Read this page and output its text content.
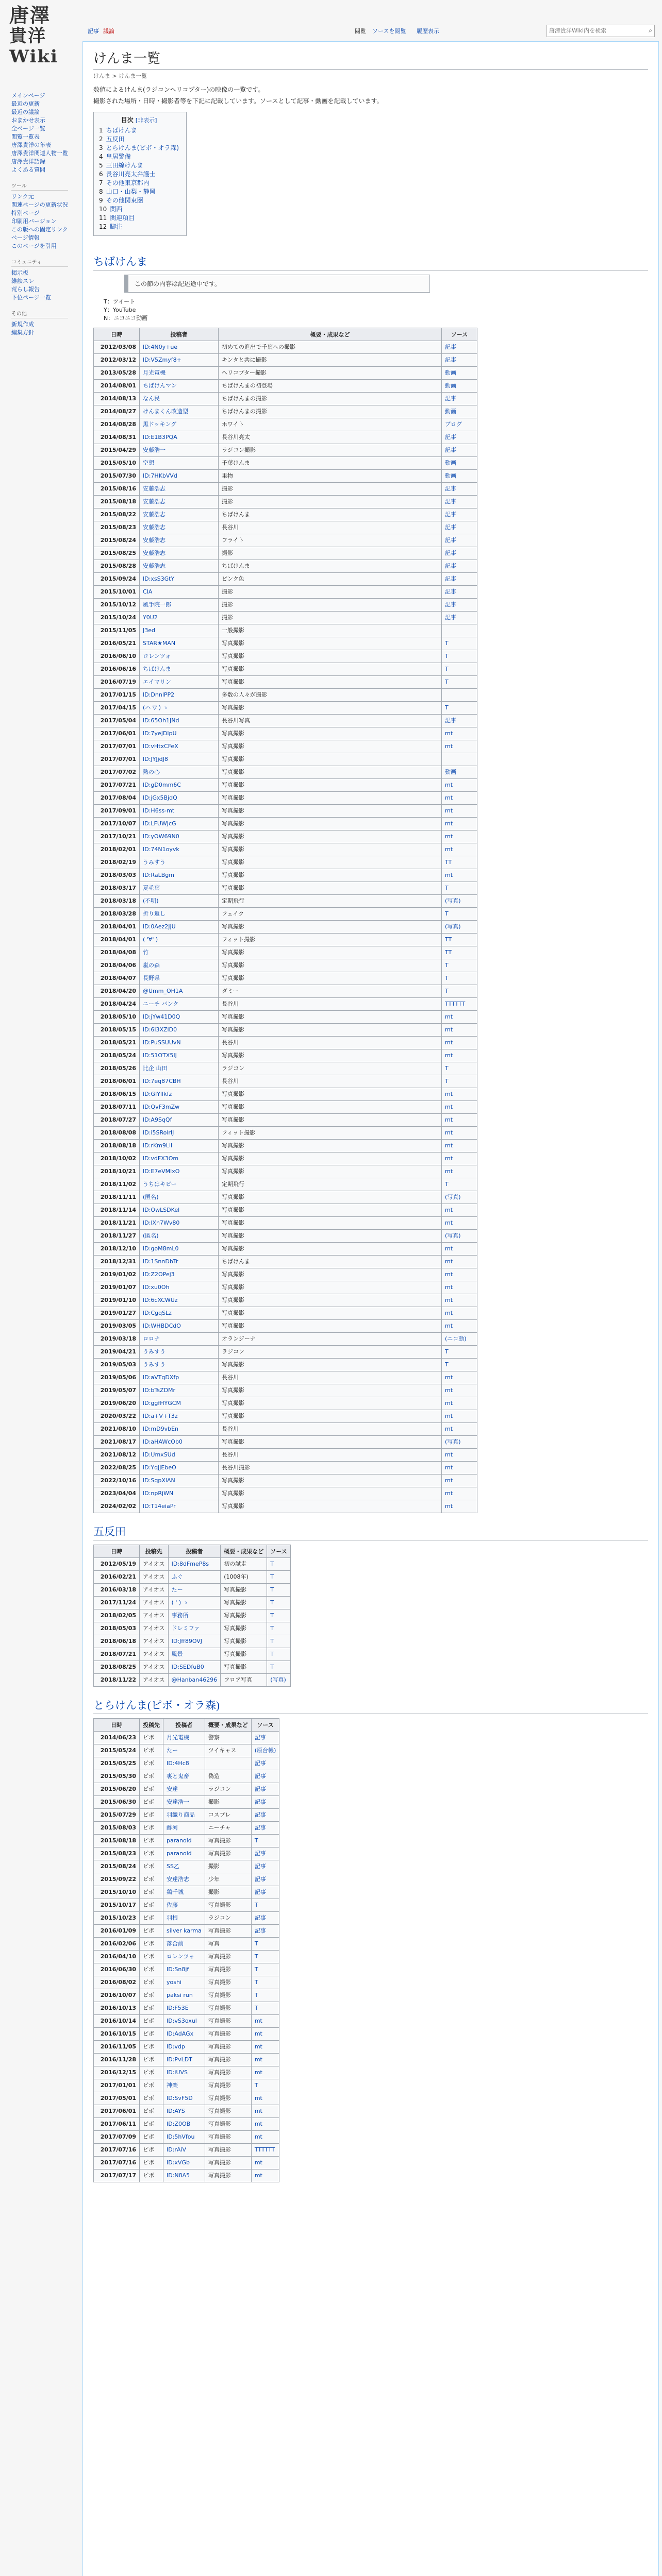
唐澤
貴洋Wiki
メインページ
最近の更新
最近の議論
おまかせ表示
全ページ一覧
閲覧一覧表
唐澤貴洋の年表
唐澤貴洋関連人物一覧
唐澤貴洋語録
よくある質問
ツール
リンク元
関連ページの更新状況
特別ページ
印刷用バージョン
この版への固定リンク
ページ情報
このページを引用
コミュニティ
掲示板
雑談スレ
荒らし報告
下位ページ一覧
その他
新規作成
編集方針
記事 議論	閲覧 ソースを閲覧 履歴表示
唐澤貴洋Wiki内を検索	⌕
けんま一覧
けんま > けんま一覧

数値によるけんま(ラジコンヘリコプター)の映像の一覧です。

撮影された場所・日時・撮影者等を下記に記載しています。ソースとして記事・動画を記載しています。

目次 [非表示]
1 ちばけんま
2 五反田
3 とらけんま(ピボ・オラ森)
4 皇居警備
5 三田線けんま
6 長谷川亮太弁護士
7 その他東京都内
8 山口・山梨・静岡
9 その他関東圏
10 関西
11 関連項目
12 脚注
ちばけんま
この節の内容は記述途中です。
T：ツイート
Y：YouTube
N：ニコニコ動画
日時	投稿者	概要・成果など	ソース
2012/03/08	ID:4N0y+ue	初めての進出で千葉への撮影	記事
2012/03/12	ID:V5Zmyf8+	キンタと共に撮影	記事
2013/05/28	月光電機	ヘリコプター撮影	動画
2014/08/01	ちばけんマン	ちばけんまの初登場	動画
2014/08/13	なん民	ちばけんまの撮影	記事
2014/08/27	けんまくん改造型	ちばけんまの撮影	動画
2014/08/28	黒ドッキング	ホワイト	ブログ
2014/08/31	ID:E1B3PQA	長谷川亮太	記事
2015/04/29	安藤浩一	ラジコン撮影	記事
2015/05/10	空想	千葉けんま	動画
2015/07/30	ID:7HKbVVd	果物	動画
2015/08/16	安藤浩志	撮影	記事
2015/08/18	安藤浩志	撮影	記事
2015/08/22	安藤浩志	ちばけんま	記事
2015/08/23	安藤浩志	長谷川	記事
2015/08/24	安藤浩志	フライト	記事
2015/08/25	安藤浩志	撮影	記事
2015/08/28	安藤浩志	ちばけんま	記事
2015/09/24	ID:xsS3GtY	ピンク色	記事
2015/10/01	CIA	撮影	記事
2015/10/12	風手院一郎	撮影	記事
2015/10/24	Y0U2	撮影	記事
2015/11/05	J3ed	一般撮影	
2016/05/21	STAR★MAN	写真撮影	T
2016/06/10	ロレンツォ	写真撮影	T
2016/06/16	ちばけんま	写真撮影	T
2016/07/19	エイマリン	写真撮影	T
2017/01/15	ID:DnnlPP2	多数の人々が撮影	
2017/04/15	(ハ ▽ ) ゝ	写真撮影	T
2017/05/04	ID:65Oh1JNd	長谷川写真	記事
2017/06/01	ID:7yeJDlpU	写真撮影	mt
2017/07/01	ID:vHtxCFeX	写真撮影	mt
2017/07/01	ID:JYJjdJ8	写真撮影	
2017/07/02	熱の心	写真撮影	動画
2017/07/21	ID:gD0mm6C	写真撮影	mt
2017/08/04	ID:jGx5BjdQ	写真撮影	mt
2017/09/01	ID:H6ss-mt	写真撮影	mt
2017/10/07	ID:LFUWJcG	写真撮影	mt
2017/10/21	ID:yOW69N0	写真撮影	mt
2018/02/01	ID:74N1oyvk	写真撮影	mt
2018/02/19	うみすう	写真撮影	TT
2018/03/03	ID:RaLBgm	写真撮影	mt
2018/03/17	夏毛葉	写真撮影	T
2018/03/18	(不明)	定期飛行	(写真)
2018/03/28	折り返し	フェイク	T
2018/04/01	ID:0Aez2JjU	写真撮影	(写真)
2018/04/01	( '∀' )	フィット撮影	TT
2018/04/08	竹	写真撮影	TT
2018/04/06	嵐の森	写真撮影	T
2018/04/07	長野県	写真撮影	T
2018/04/20	@Umm_OH1A	ダミー	T
2018/04/24	ニーチ バンク	長谷川	TTTTTT
2018/05/10	ID:jYw41D0Q	写真撮影	mt
2018/05/15	ID:6i3XZlD0	写真撮影	mt
2018/05/21	ID:PuSSUUvN	長谷川	mt
2018/05/24	ID:51OTX5IJ	写真撮影	mt
2018/05/26	比企 山田	ラジコン	T
2018/06/01	ID:7eq87CBH	長谷川	T
2018/06/15	ID:GIYlIkfz	写真撮影	mt
2018/07/11	ID:QvF3mZw	写真撮影	mt
2018/07/27	ID:A9SqQf	写真撮影	mt
2018/08/08	ID:i5SRolrIJ	フィット撮影	mt
2018/08/18	ID:rKm9Lil	写真撮影	mt
2018/10/02	ID:vdFX3Om	写真撮影	mt
2018/10/21	ID:E7eVMlxO	写真撮影	mt
2018/11/02	うちはキビー	定期飛行	T
2018/11/11	(匿名)	写真撮影	(写真)
2018/11/14	ID:OwLSDKel	写真撮影	mt
2018/11/21	ID:lXn7Wv80	写真撮影	mt
2018/11/27	(匿名)	写真撮影	(写真)
2018/12/10	ID:goM8mL0	写真撮影	mt
2018/12/31	ID:1SnnDbTr	ちばけんま	mt
2019/01/02	ID:Z2OPej3	写真撮影	mt
2019/01/07	ID:xu0Oh	写真撮影	mt
2019/01/10	ID:6cXCWUz	写真撮影	mt
2019/01/27	ID:CgqSLz	写真撮影	mt
2019/03/05	ID:WHBDCdO	写真撮影	mt
2019/03/18	ロロナ	オランジーナ	(ニコ動)
2019/04/21	うみすう	ラジコン	T
2019/05/03	うみすう	写真撮影	T
2019/05/06	ID:aVTgDXfp	長谷川	mt
2019/05/07	ID:bTsZDMr	写真撮影	mt
2019/06/20	ID:ggfHYGCM	写真撮影	mt
2020/03/22	ID:a+V+T3z	写真撮影	mt
2021/08/10	ID:mD9vbEn	長谷川	mt
2021/08/17	ID:aHAWcOb0	写真撮影	(写真)
2021/08/12	ID:UmxSUd	長谷川	mt
2022/08/25	ID:YqjJEbeO	長谷川撮影	mt
2022/10/16	ID:SqpXlAN	写真撮影	mt
2023/04/04	ID:npRjWN	写真撮影	mt
2024/02/02	ID:T14eiaPr	写真撮影	mt
五反田
日時	投稿先	投稿者	概要・成果など	ソース
2012/05/19	アイオス	ID:8dFmeP8s	初の試走	T
2016/02/21	アイオス	ふぐ	(1008年)	T
2016/03/18	アイオス	たー	写真撮影	T
2017/11/24	アイオス	( ' ) ゝ	写真撮影	T
2018/02/05	アイオス	事務所	写真撮影	T
2018/05/03	アイオス	ドレミファ	写真撮影	T
2018/06/18	アイオス	ID:Jff89OVJ	写真撮影	T
2018/07/21	アイオス	風景	写真撮影	T
2018/08/25	アイオス	ID:SEDfuB0	写真撮影	T
2018/11/22	アイオス	@Hanban46296	フロア写真	(写真)
とらけんま(ピボ・オラ森)
日時	投稿先	投稿者	概要・成果など	ソース
2014/06/23	ピボ	月光電機	警察	記事
2015/05/24	ピボ	たー	ツイキャス	(原台帳)
2015/05/25	ピボ	ID:4Hc8		記事
2015/05/30	ピボ	裏と鬼畜	偽造	記事
2015/06/20	ピボ	安達	ラジコン	記事
2015/06/30	ピボ	安達浩一	撮影	記事
2015/07/29	ピボ	羽織り商品	コスプレ	記事
2015/08/03	ピボ	酢河	ニーチャ	記事
2015/08/18	ピボ	paranoid	写真撮影	T
2015/08/23	ピボ	paranoid	写真撮影	記事
2015/08/24	ピボ	SS乙	撮影	記事
2015/09/22	ピボ	安達浩志	少年	記事
2015/10/10	ピボ	鶏千城	撮影	記事
2015/10/17	ピボ	佐藤	写真撮影	T
2015/10/23	ピボ	羽根	ラジコン	記事
2016/01/09	ピボ	silver karma	写真撮影	記事
2016/02/06	ピボ	落合前	写真	T
2016/04/10	ピボ	ロレンツォ	写真撮影	T
2016/06/30	ピボ	ID:Sn8jf	写真撮影	T
2016/08/02	ピボ	yoshi	写真撮影	T
2016/10/07	ピボ	paksi run	写真撮影	T
2016/10/13	ピボ	ID:F53E	写真撮影	T
2016/10/14	ピボ	ID:vS3oxul	写真撮影	mt
2016/10/15	ピボ	ID:AdAGx	写真撮影	mt
2016/11/05	ピボ	ID:vdp	写真撮影	mt
2016/11/28	ピボ	ID:PvLDT	写真撮影	mt
2016/12/15	ピボ	ID:iUVS	写真撮影	mt
2017/01/01	ピボ	神楽	写真撮影	T
2017/05/01	ピボ	ID:SvF5D	写真撮影	mt
2017/06/01	ピボ	ID:AYS	写真撮影	mt
2017/06/11	ピボ	ID:Z0OB	写真撮影	mt
2017/07/09	ピボ	ID:5hVfou	写真撮影	mt
2017/07/16	ピボ	ID:rAiV	写真撮影	TTTTTT
2017/07/16	ピボ	ID:xVGb	写真撮影	mt
2017/07/17	ピボ	ID:N8A5	写真撮影	mt
